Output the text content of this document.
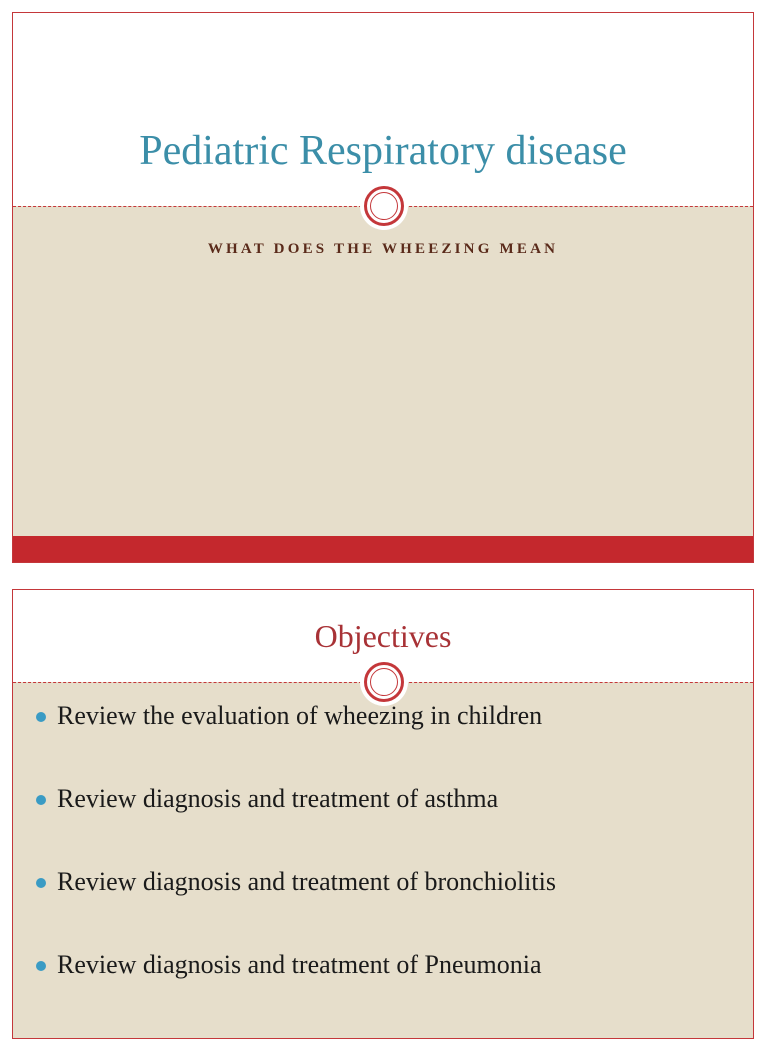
Pediatric Respiratory disease
WHAT DOES THE WHEEZING MEAN
Objectives
Review the evaluation of wheezing in children
Review diagnosis and treatment of asthma
Review diagnosis and treatment of bronchiolitis
Review diagnosis and treatment of Pneumonia
